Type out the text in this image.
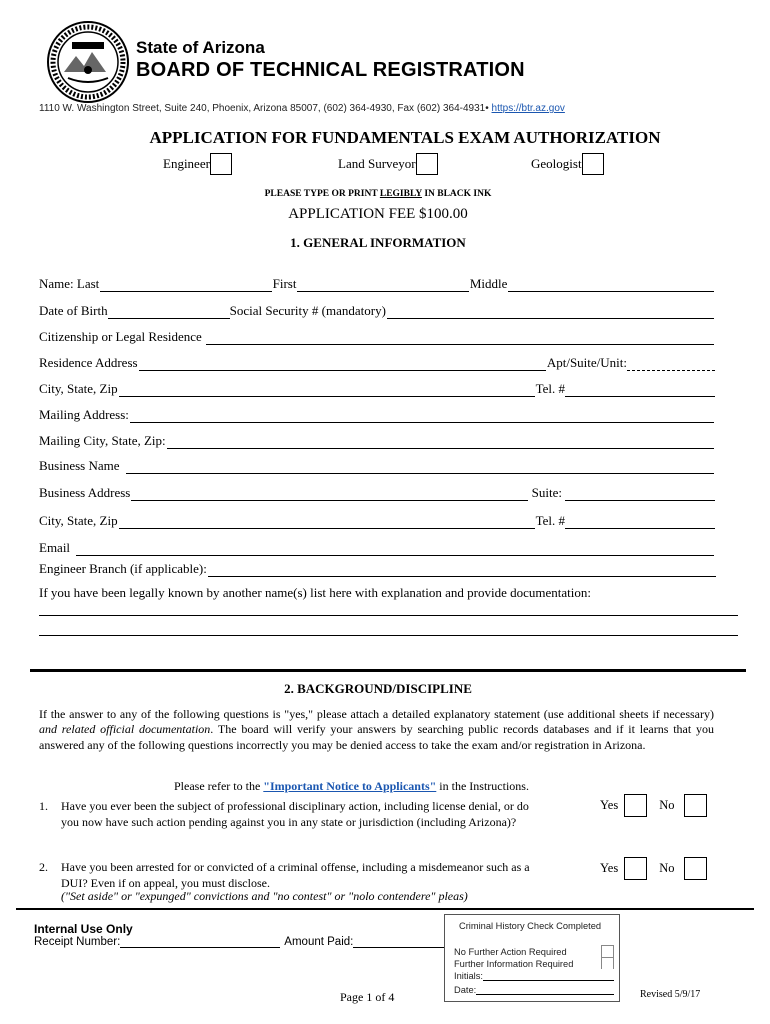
State of Arizona
BOARD OF TECHNICAL REGISTRATION
1110 W. Washington Street, Suite 240, Phoenix, Arizona 85007, (602) 364-4930, Fax (602) 364-4931• https://btr.az.gov
APPLICATION FOR FUNDAMENTALS EXAM AUTHORIZATION
Engineer	Land Surveyor	Geologist
PLEASE TYPE OR PRINT LEGIBLY IN BLACK INK
APPLICATION FEE $100.00
1. GENERAL INFORMATION
Name: Last	First	Middle
Date of Birth	Social Security # (mandatory)
Citizenship or Legal Residence
Residence Address	Apt/Suite/Unit:
City, State, Zip	Tel. #
Mailing Address:
Mailing City, State, Zip:
Business Name
Business Address	Suite:
City, State, Zip	Tel. #
Email
Engineer Branch (if applicable):
If you have been legally known by another name(s) list here with explanation and provide documentation:
2. BACKGROUND/DISCIPLINE
If the answer to any of the following questions is "yes," please attach a detailed explanatory statement (use additional sheets if necessary) and related official documentation. The board will verify your answers by searching public records databases and if it learns that you answered any of the following questions incorrectly you may be denied access to take the exam and/or registration in Arizona.
Please refer to the "Important Notice to Applicants" in the Instructions.
1. Have you ever been the subject of professional disciplinary action, including license denial, or do you now have such action pending against you in any state or jurisdiction (including Arizona)?
Yes	No
2. Have you been arrested for or convicted of a criminal offense, including a misdemeanor such as a DUI? Even if on appeal, you must disclose.
("Set aside" or "expunged" convictions and "no contest" or "nolo contendere" pleas)
Yes	No
Internal Use Only
Receipt Number:	Amount Paid:
Criminal History Check Completed
No Further Action Required
Further Information Required
Initials:
Date:
Page 1 of 4	Revised 5/9/17
